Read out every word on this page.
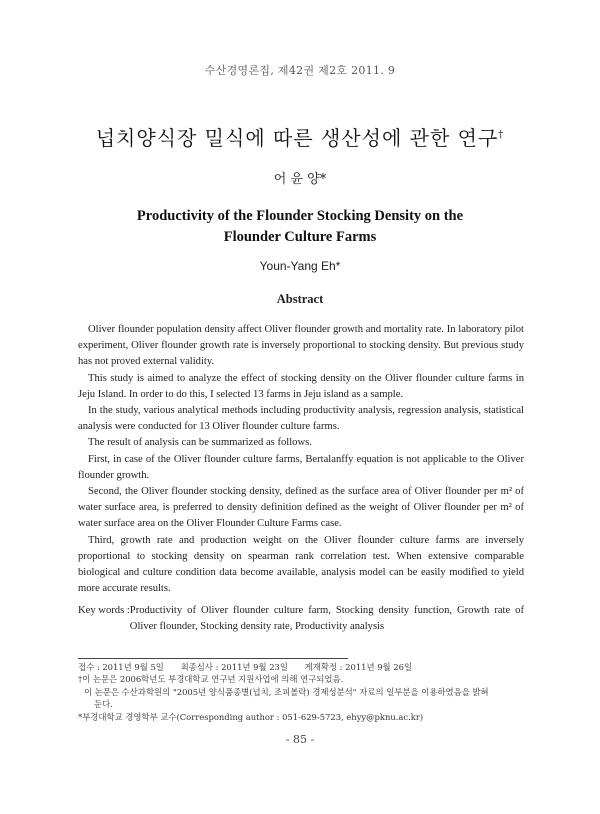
수산경영론집, 제42권 제2호 2011. 9
넙치양식장 밀식에 따른 생산성에 관한 연구†
어 윤 양*
Productivity of the Flounder Stocking Density on the
Flounder Culture Farms
Youn-Yang Eh*
Abstract

Oliver flounder population density affect Oliver flounder growth and mortality rate. In laboratory pilot experiment, Oliver flounder growth rate is inversely proportional to stocking density. But previous study has not proved external validity.

This study is aimed to analyze the effect of stocking density on the Oliver flounder culture farms in Jeju Island. In order to do this, I selected 13 farms in Jeju island as a sample.

In the study, various analytical methods including productivity analysis, regression analysis, statistical analysis were conducted for 13 Oliver flounder culture farms.

The result of analysis can be summarized as follows.

First, in case of the Oliver flounder culture farms, Bertalanffy equation is not applicable to the Oliver flounder growth.

Second, the Oliver flounder stocking density, defined as the surface area of Oliver flounder per m² of water surface area, is preferred to density definition defined as the weight of Oliver flounder per m² of water surface area on the Oliver Flounder Culture Farms case.

Third, growth rate and production weight on the Oliver flounder culture farms are inversely proportional to stocking density on spearman rank correlation test. When extensive comparable biological and culture condition data become available, analysis model can be easily modified to yield more accurate results.

Key words : Productivity of Oliver flounder culture farm, Stocking density function, Growth rate of Oliver flounder, Stocking density rate, Productivity analysis
접수 : 2011년 9월 5일 최종심사 : 2011년 9월 23일 게재확정 : 2011년 9월 26일
†이 논문은 2006학년도 부경대학교 연구년 지원사업에 의해 연구되었음.
이 논문은 수산과학원의 "2005년 양식품종별(넙치, 조피볼락) 경제성분석" 자료의 일부분을 이용하였음을 밝혀
둔다.
*부경대학교 경영학부 교수(Corresponding author : 051-629-5723, ehyy@pknu.ac.kr)
- 85 -
